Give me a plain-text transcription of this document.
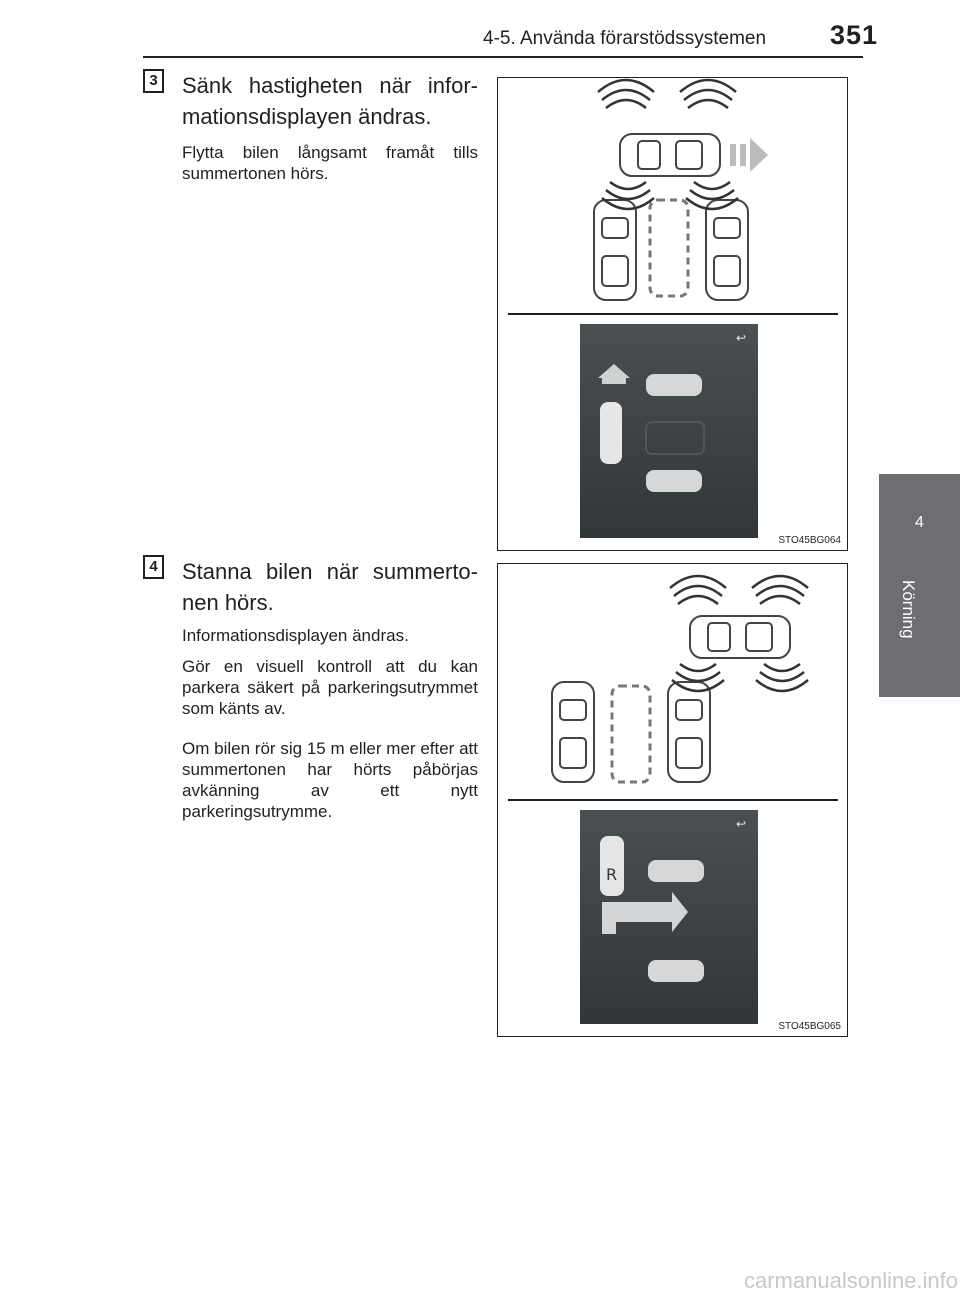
4-5. Använda förarstödssystemen 351
4
Körning
3 Sänk hastigheten när infor-
mationsdisplayen ändras.
Flytta bilen långsamt framåt tills summertonen hörs.
↩
STO45BG064
4 Stanna bilen när summerto-
nen hörs.
Informationsdisplayen ändras.
Gör en visuell kontroll att du kan parkera säkert på parkeringsutrymmet som känts av.
Om bilen rör sig 15 m eller mer efter att summertonen har hörts påbörjas avkänning av ett nytt parkeringsutrymme.
R
↩
STO45BG065
carmanualsonline.info
